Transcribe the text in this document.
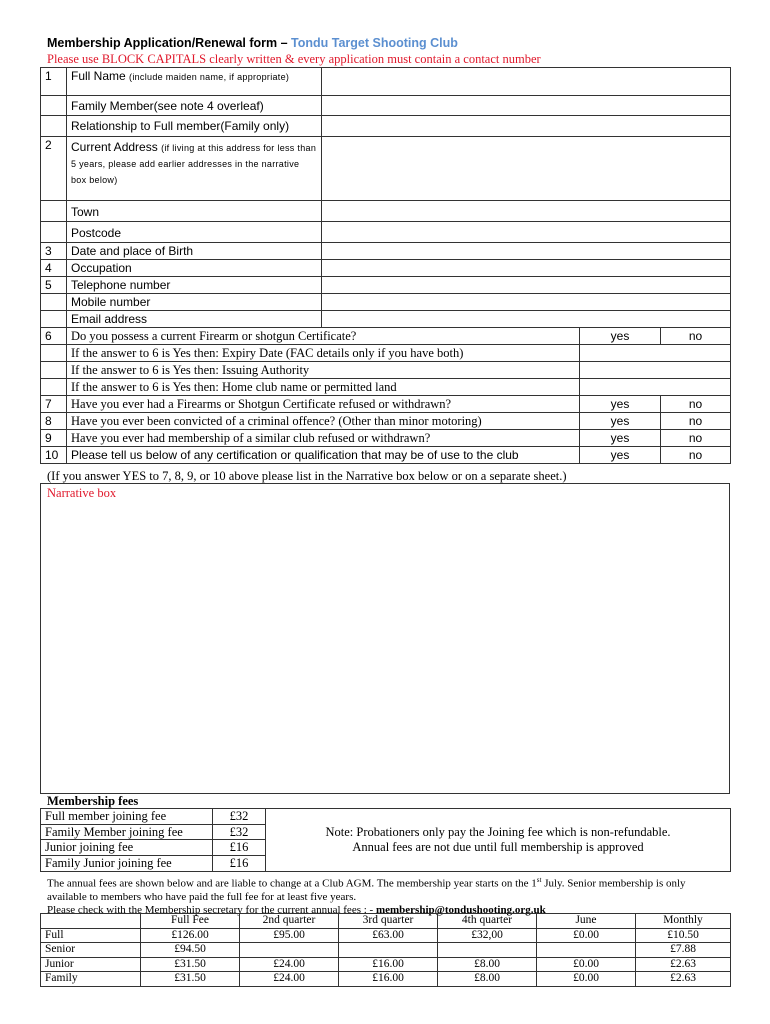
Membership Application/Renewal form – Tondu Target Shooting Club
Please use BLOCK CAPITALS clearly written & every application must contain a contact number
1	Full Name (include maiden name, if appropriate)			
	Family Member(see note 4 overleaf)			
	Relationship to Full member(Family only)			
2	Current Address (if living at this address for less than 5 years, please add earlier addresses in the narrative box below)			
	Town			
	Postcode			
3	Date and place of Birth			
4	Occupation			
5	Telephone number			
	Mobile number			
	Email address			
6	Do you possess a current Firearm or shotgun Certificate?		yes	no
	If the answer to 6 is Yes then: Expiry Date (FAC details only if you have both)			
	If the answer to 6 is Yes then: Issuing Authority			
	If the answer to 6 is Yes then: Home club name or permitted land			
7	Have you ever had a Firearms or Shotgun Certificate refused or withdrawn?		yes	no
8	Have you ever been convicted of a criminal offence? (Other than minor motoring)		yes	no
9	Have you ever had membership of a similar club refused or withdrawn?		yes	no
10	Please tell us below of any certification or qualification that may be of use to the club		yes	no
(If you answer YES to 7, 8, 9, or 10 above please list in the Narrative box below or on a separate sheet.)
Narrative box
Membership fees
Full member joining fee	£32	Note: Probationers only pay the Joining fee which is non-refundable.
Annual fees are not due until full membership is approved

Family Member joining fee	£32	
Junior joining fee	£16	
Family Junior joining fee	£16	
The annual fees are shown below and are liable to change at a Club AGM. The membership year starts on the 1st July. Senior membership is only available to members who have paid the full fee for at least five years.
Please check with the Membership secretary for the current annual fees : - membership@tondushooting.org.uk
	Full Fee	2nd quarter	3rd quarter	4th quarter	June	Monthly
Full	£126.00	£95.00	£63.00	£32,00	£0.00	£10.50
Senior	£94.50					£7.88
Junior	£31.50	£24.00	£16.00	£8.00	£0.00	£2.63
Family	£31.50	£24.00	£16.00	£8.00	£0.00	£2.63
